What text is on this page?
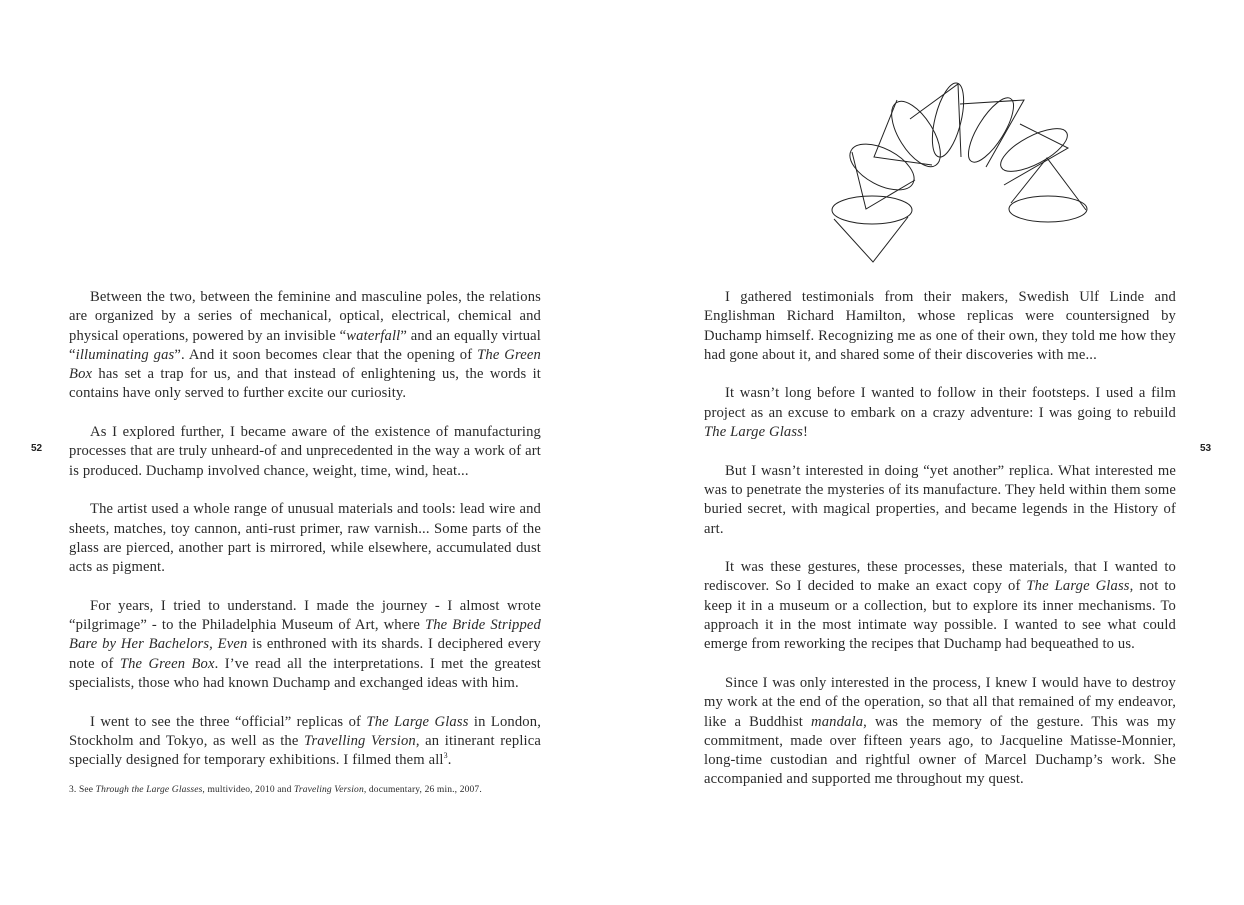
52	53

Between the two, between the feminine and masculine poles, the relations are organized by a series of mechanical, optical, electrical, chemical and physical operations, powered by an invisible “waterfall” and an equally virtual “illuminating gas”. And it soon becomes clear that the opening of The Green Box has set a trap for us, and that instead of enlightening us, the words it contains have only served to further excite our curiosity.

As I explored further, I became aware of the existence of manufacturing processes that are truly unheard-of and unprecedented in the way a work of art is produced. Duchamp involved chance, weight, time, wind, heat...

The artist used a whole range of unusual materials and tools: lead wire and sheets, matches, toy cannon, anti-rust primer, raw varnish... Some parts of the glass are pierced, another part is mirrored, while elsewhere, accumulated dust acts as pigment.

For years, I tried to understand. I made the journey - I almost wrote “pilgrimage” - to the Philadelphia Museum of Art, where The Bride Stripped Bare by Her Bachelors, Even is enthroned with its shards. I deciphered every note of The Green Box. I’ve read all the interpretations. I met the greatest specialists, those who had known Duchamp and exchanged ideas with him.

I went to see the three “official” replicas of The Large Glass in London, Stockholm and Tokyo, as well as the Travelling Version, an itinerant replica specially designed for temporary exhibitions. I filmed them all$^3$.

3. See Through the Large Glasses, multivideo, 2010 and Traveling Version, documentary, 26 min., 2007.

I gathered testimonials from their makers, Swedish Ulf Linde and Englishman Richard Hamilton, whose replicas were countersigned by Duchamp himself. Recognizing me as one of their own, they told me how they had gone about it, and shared some of their discoveries with me...

It wasn’t long before I wanted to follow in their footsteps. I used a film project as an excuse to embark on a crazy adventure: I was going to rebuild The Large Glass!

But I wasn’t interested in doing “yet another” replica. What interested me was to penetrate the mysteries of its manufacture. They held within them some buried secret, with magical properties, and became legends in the History of art.

It was these gestures, these processes, these materials, that I wanted to rediscover. So I decided to make an exact copy of The Large Glass, not to keep it in a museum or a collection, but to explore its inner mechanisms. To approach it in the most intimate way possible. I wanted to see what could emerge from reworking the recipes that Duchamp had bequeathed to us.

Since I was only interested in the process, I knew I would have to destroy my work at the end of the operation, so that all that remained of my endeavor, like a Buddhist mandala, was the memory of the gesture. This was my commitment, made over fifteen years ago, to Jacqueline Matisse-Monnier, long-time custodian and rightful owner of Marcel Duchamp’s work. She accompanied and supported me throughout my quest.
